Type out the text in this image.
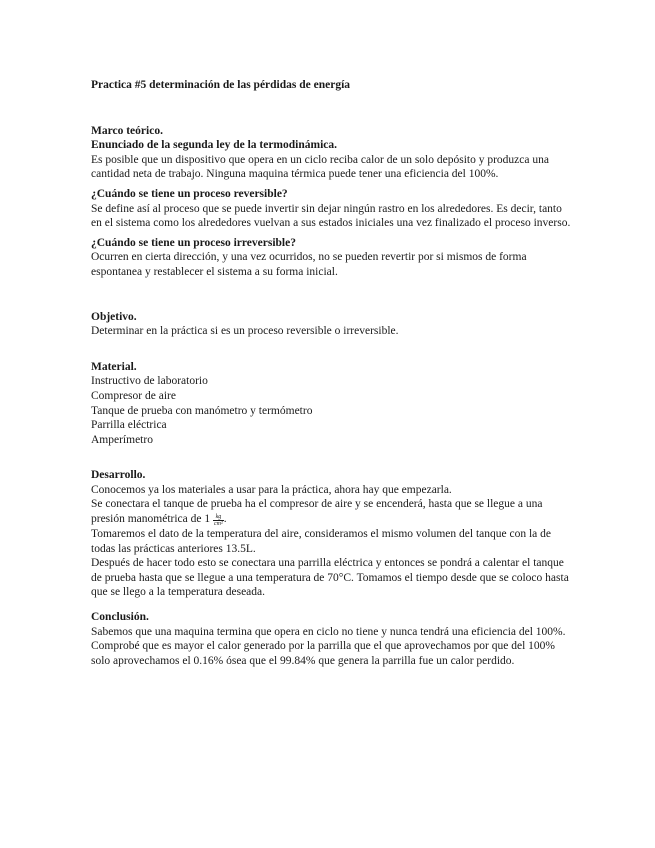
Practica #5 determinación de las pérdidas de energía

Marco teórico.
Enunciado de la segunda ley de la termodinámica.

Es posible que un dispositivo que opera en un ciclo reciba calor de un solo depósito y produzca una cantidad neta de trabajo. Ninguna maquina térmica puede tener una eficiencia del 100%.

¿Cuándo se tiene un proceso reversible?

Se define así al proceso que se puede invertir sin dejar ningún rastro en los alrededores. Es decir, tanto en el sistema como los alrededores vuelvan a sus estados iniciales una vez finalizado el proceso inverso.

¿Cuándo se tiene un proceso irreversible?

Ocurren en cierta dirección, y una vez ocurridos, no se pueden revertir por si mismos de forma espontanea y restablecer el sistema a su forma inicial.

Objetivo.

Determinar en la práctica si es un proceso reversible o irreversible.

Material.

Instructivo de laboratorio

Compresor de aire

Tanque de prueba con manómetro y termómetro

Parrilla eléctrica

Amperímetro

Desarrollo.

Conocemos ya los materiales a usar para la práctica, ahora hay que empezarla.

Se conectara el tanque de prueba ha el compresor de aire y se encenderá, hasta que se llegue a una presión manométrica de $1 \frac{kg}{\text{cm²}}$ .

Tomaremos el dato de la temperatura del aire, consideramos el mismo volumen del tanque con la de todas las prácticas anteriores 13.5L.

Después de hacer todo esto se conectara una parrilla eléctrica y entonces se pondrá a calentar el tanque de prueba hasta que se llegue a una temperatura de 70°C. Tomamos el tiempo desde que se coloco hasta que se llego a la temperatura deseada.

Conclusión.

Sabemos que una maquina termina que opera en ciclo no tiene y nunca tendrá una eficiencia del 100%. Comprobé que es mayor el calor generado por la parrilla que el que aprovechamos por que del 100% solo aprovechamos el 0.16% ósea que el 99.84% que genera la parrilla fue un calor perdido.
